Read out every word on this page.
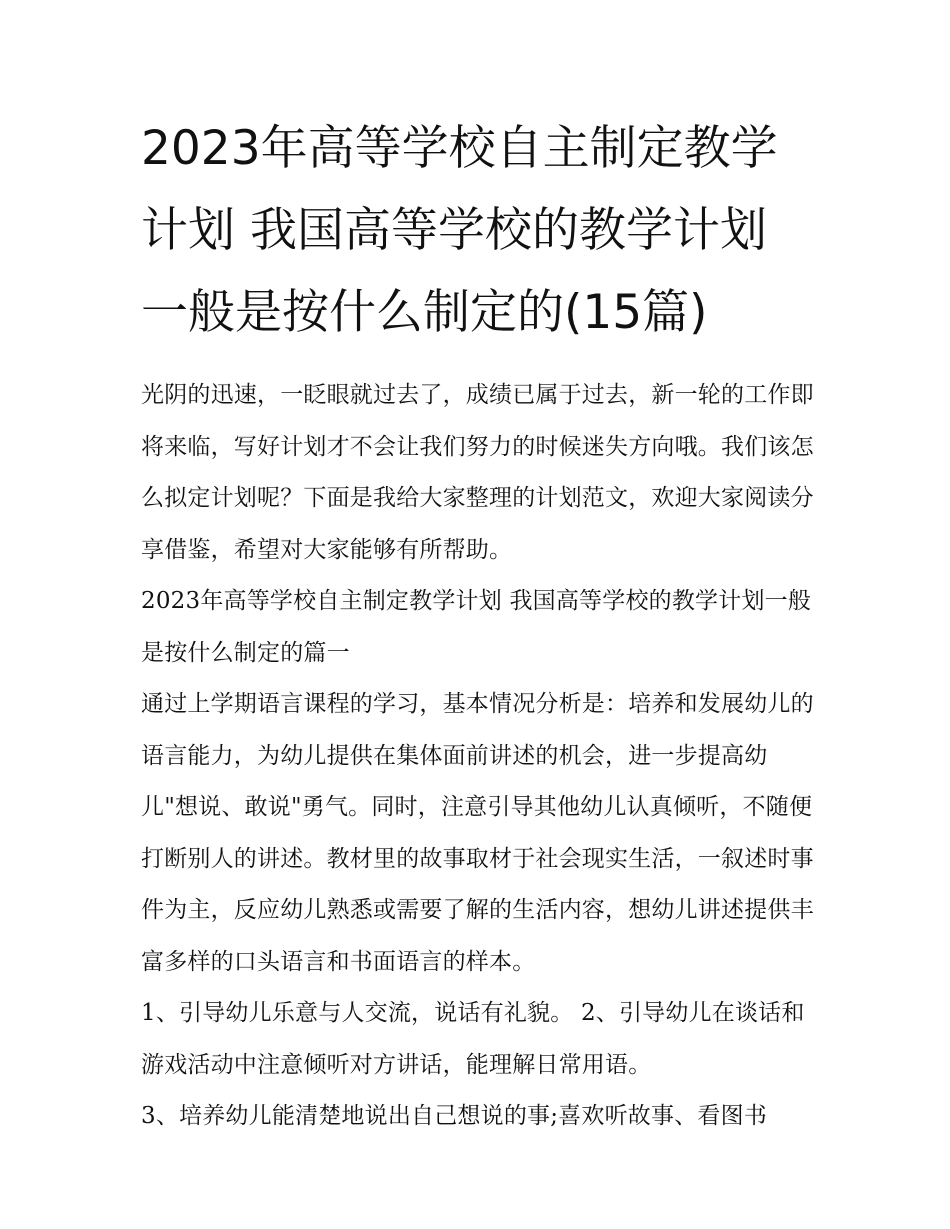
2023年高等学校自主制定教学
计划 我国高等学校的教学计划
一般是按什么制定的(15篇)

光阴的迅速，一眨眼就过去了，成绩已属于过去，新一轮的工作即将来临，写好计划才不会让我们努力的时候迷失方向哦。我们该怎么拟定计划呢？下面是我给大家整理的计划范文，欢迎大家阅读分享借鉴，希望对大家能够有所帮助。

2023年高等学校自主制定教学计划 我国高等学校的教学计划一般是按什么制定的篇一

通过上学期语言课程的学习，基本情况分析是：培养和发展幼儿的语言能力，为幼儿提供在集体面前讲述的机会，进一步提高幼儿"想说、敢说"勇气。同时，注意引导其他幼儿认真倾听，不随便打断别人的讲述。教材里的故事取材于社会现实生活，一叙述时事件为主，反应幼儿熟悉或需要了解的生活内容，想幼儿讲述提供丰富多样的口头语言和书面语言的样本。

1、引导幼儿乐意与人交流，说话有礼貌。 2、引导幼儿在谈话和游戏活动中注意倾听对方讲话，能理解日常用语。

3、培养幼儿能清楚地说出自己想说的事;喜欢听故事、看图书
